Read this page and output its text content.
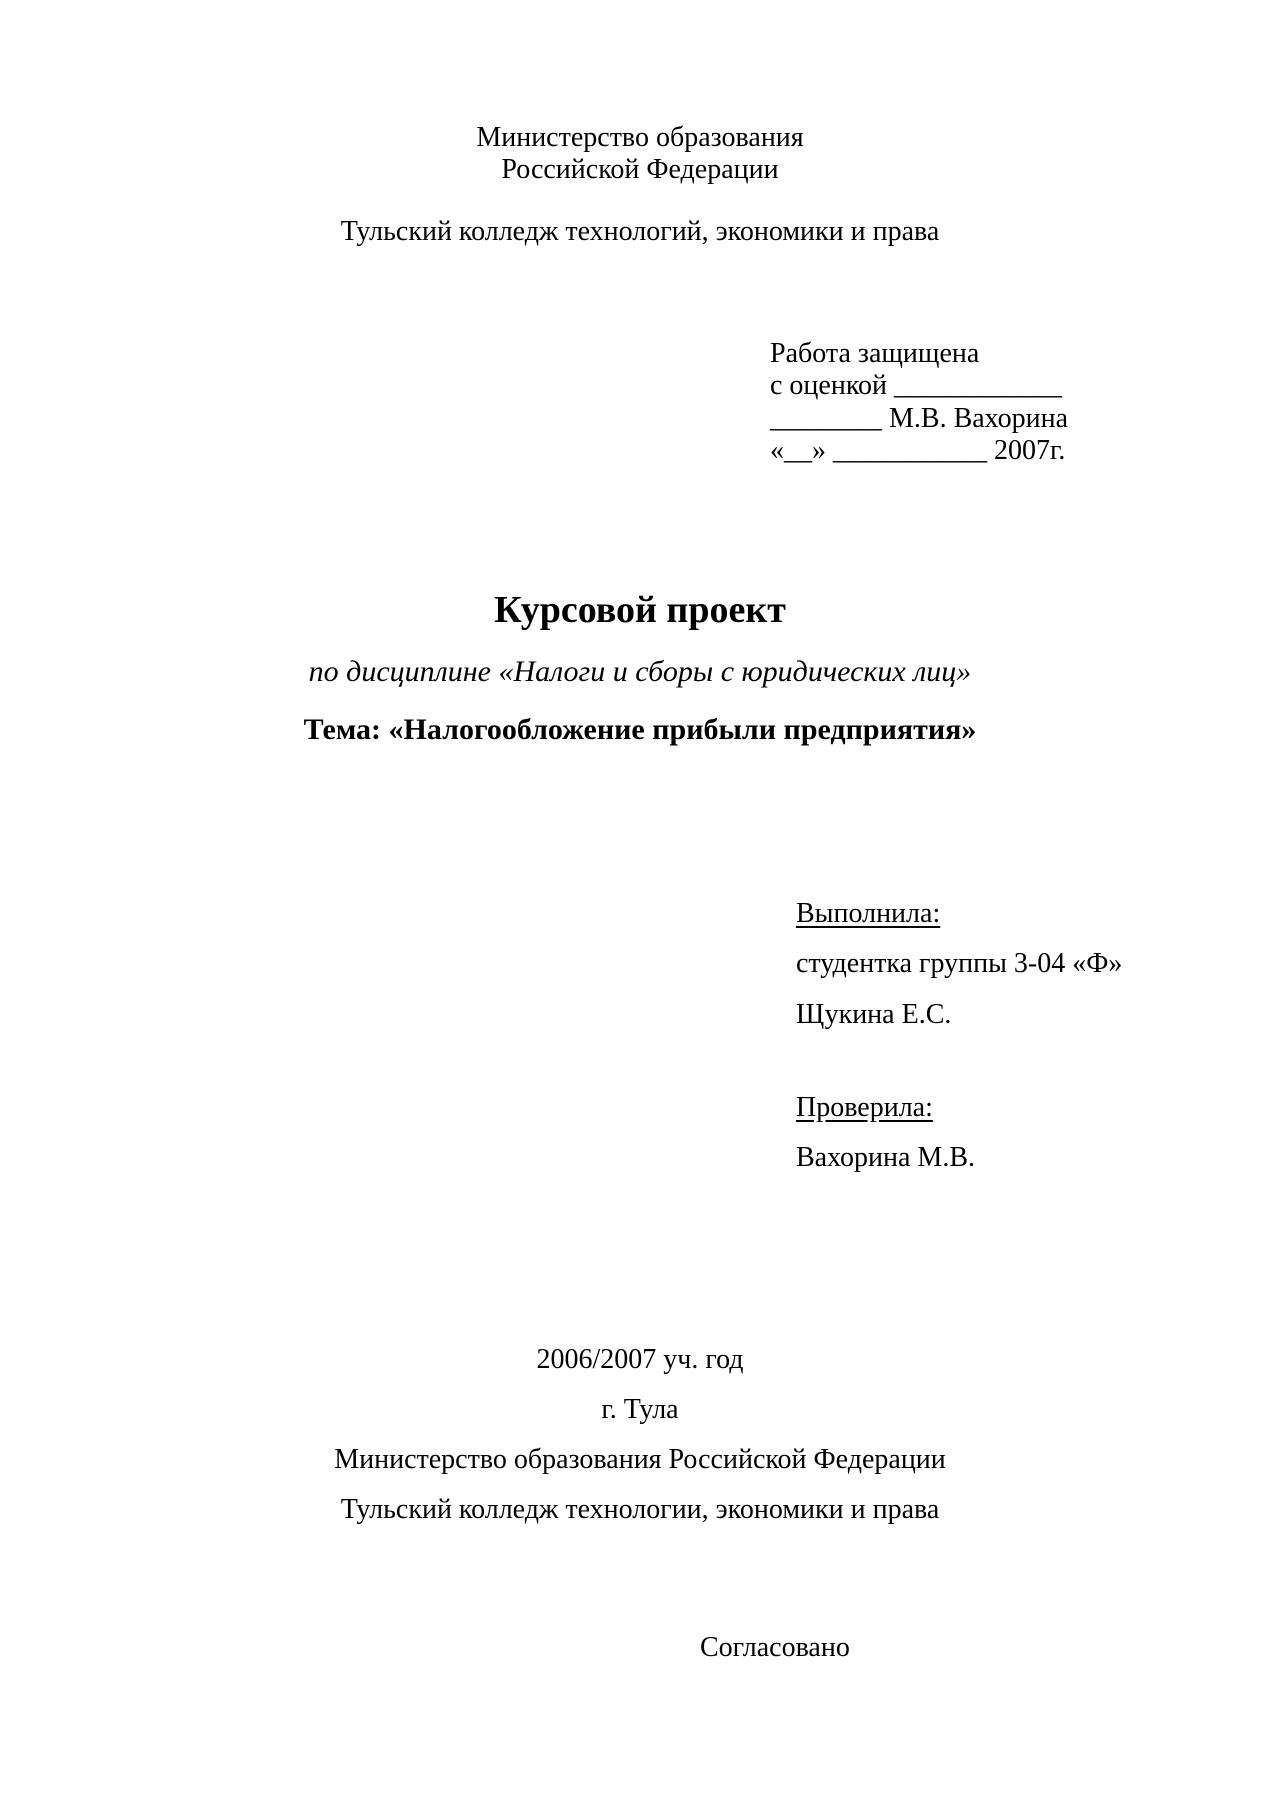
Министерство образования
Российской Федерации
Тульский колледж технологий, экономики и права
Работа защищена
с оценкой ____________
________ М.В. Вахорина
«__» ___________ 2007г.
Курсовой проект
по дисциплине «Налоги и сборы с юридических лиц»
Тема: «Налогообложение прибыли предприятия»
Выполнила:
студентка группы 3-04 «Ф»
Щукина Е.С.
Проверила:
Вахорина М.В.
2006/2007 уч. год
г. Тула
Министерство образования Российской Федерации
Тульский колледж технологии, экономики и права
Согласовано
